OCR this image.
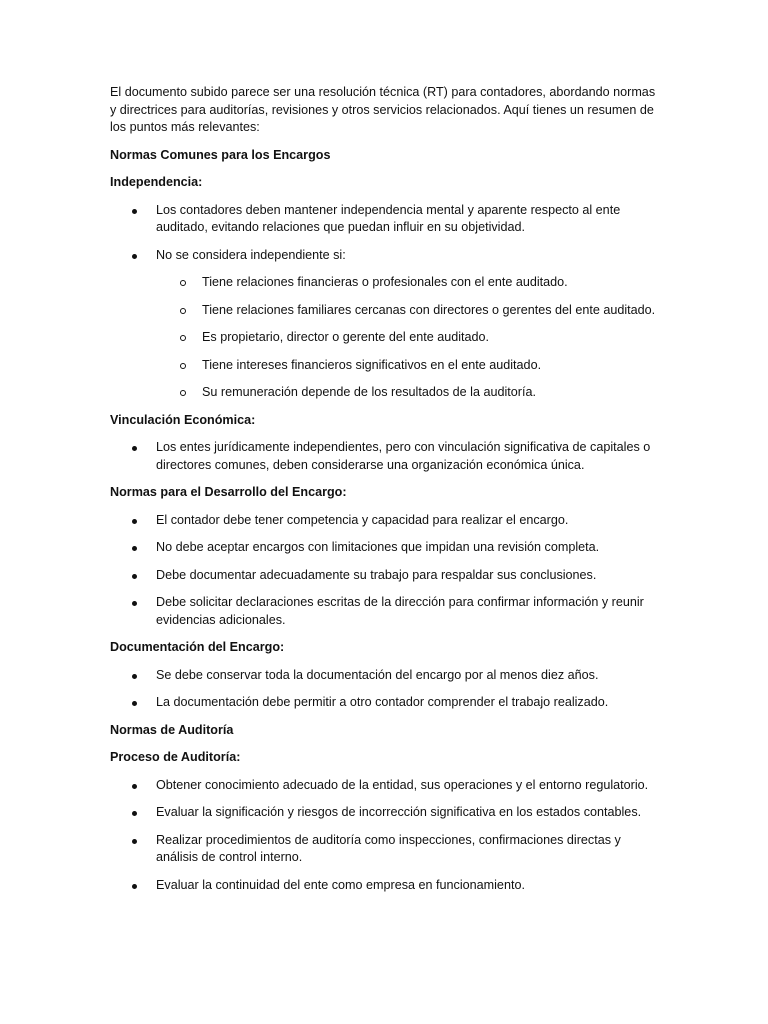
El documento subido parece ser una resolución técnica (RT) para contadores, abordando normas y directrices para auditorías, revisiones y otros servicios relacionados. Aquí tienes un resumen de los puntos más relevantes:

Normas Comunes para los Encargos

Independencia:

Los contadores deben mantener independencia mental y aparente respecto al ente auditado, evitando relaciones que puedan influir en su objetividad.
No se considera independiente si:
Tiene relaciones financieras o profesionales con el ente auditado.
Tiene relaciones familiares cercanas con directores o gerentes del ente auditado.
Es propietario, director o gerente del ente auditado.
Tiene intereses financieros significativos en el ente auditado.
Su remuneración depende de los resultados de la auditoría.

Vinculación Económica:

Los entes jurídicamente independientes, pero con vinculación significativa de capitales o directores comunes, deben considerarse una organización económica única.

Normas para el Desarrollo del Encargo:

El contador debe tener competencia y capacidad para realizar el encargo.
No debe aceptar encargos con limitaciones que impidan una revisión completa.
Debe documentar adecuadamente su trabajo para respaldar sus conclusiones.
Debe solicitar declaraciones escritas de la dirección para confirmar información y reunir evidencias adicionales.

Documentación del Encargo:

Se debe conservar toda la documentación del encargo por al menos diez años.
La documentación debe permitir a otro contador comprender el trabajo realizado.

Normas de Auditoría

Proceso de Auditoría:

Obtener conocimiento adecuado de la entidad, sus operaciones y el entorno regulatorio.
Evaluar la significación y riesgos de incorrección significativa en los estados contables.
Realizar procedimientos de auditoría como inspecciones, confirmaciones directas y análisis de control interno.
Evaluar la continuidad del ente como empresa en funcionamiento.
